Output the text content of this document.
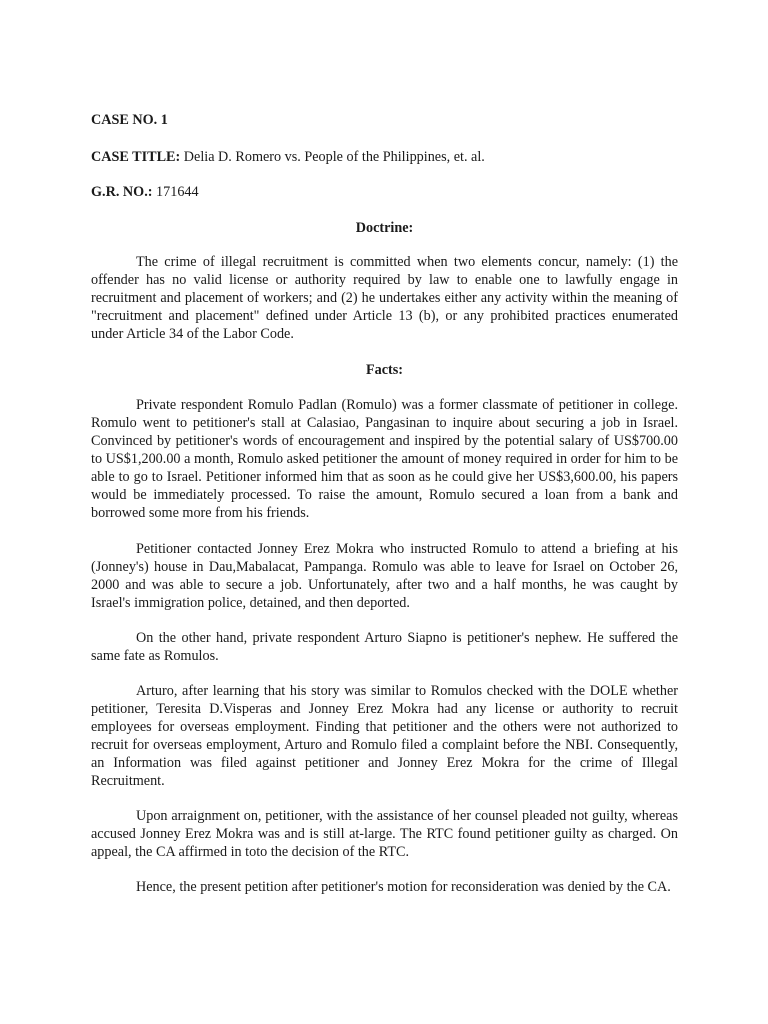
CASE NO. 1
CASE TITLE: Delia D. Romero vs. People of the Philippines, et. al.
G.R. NO.: 171644
Doctrine:
The crime of illegal recruitment is committed when two elements concur, namely: (1) the offender has no valid license or authority required by law to enable one to lawfully engage in recruitment and placement of workers; and (2) he undertakes either any activity within the meaning of "recruitment and placement" defined under Article 13 (b), or any prohibited practices enumerated under Article 34 of the Labor Code.
Facts:
Private respondent Romulo Padlan (Romulo) was a former classmate of petitioner in college. Romulo went to petitioner's stall at Calasiao, Pangasinan to inquire about securing a job in Israel. Convinced by petitioner's words of encouragement and inspired by the potential salary of US$700.00 to US$1,200.00 a month, Romulo asked petitioner the amount of money required in order for him to be able to go to Israel. Petitioner informed him that as soon as he could give her US$3,600.00, his papers would be immediately processed. To raise the amount, Romulo secured a loan from a bank and borrowed some more from his friends.
Petitioner contacted Jonney Erez Mokra who instructed Romulo to attend a briefing at his (Jonney's) house in Dau,Mabalacat, Pampanga. Romulo was able to leave for Israel on October 26, 2000 and was able to secure a job. Unfortunately, after two and a half months, he was caught by Israel's immigration police, detained, and then deported.
On the other hand, private respondent Arturo Siapno is petitioner's nephew. He suffered the same fate as Romulos.
Arturo, after learning that his story was similar to Romulos checked with the DOLE whether petitioner, Teresita D.Visperas and Jonney Erez Mokra had any license or authority to recruit employees for overseas employment. Finding that petitioner and the others were not authorized to recruit for overseas employment, Arturo and Romulo filed a complaint before the NBI. Consequently, an Information was filed against petitioner and Jonney Erez Mokra for the crime of Illegal Recruitment.
Upon arraignment on, petitioner, with the assistance of her counsel pleaded not guilty, whereas accused Jonney Erez Mokra was and is still at-large. The RTC found petitioner guilty as charged. On appeal, the CA affirmed in toto the decision of the RTC.
Hence, the present petition after petitioner's motion for reconsideration was denied by the CA.
